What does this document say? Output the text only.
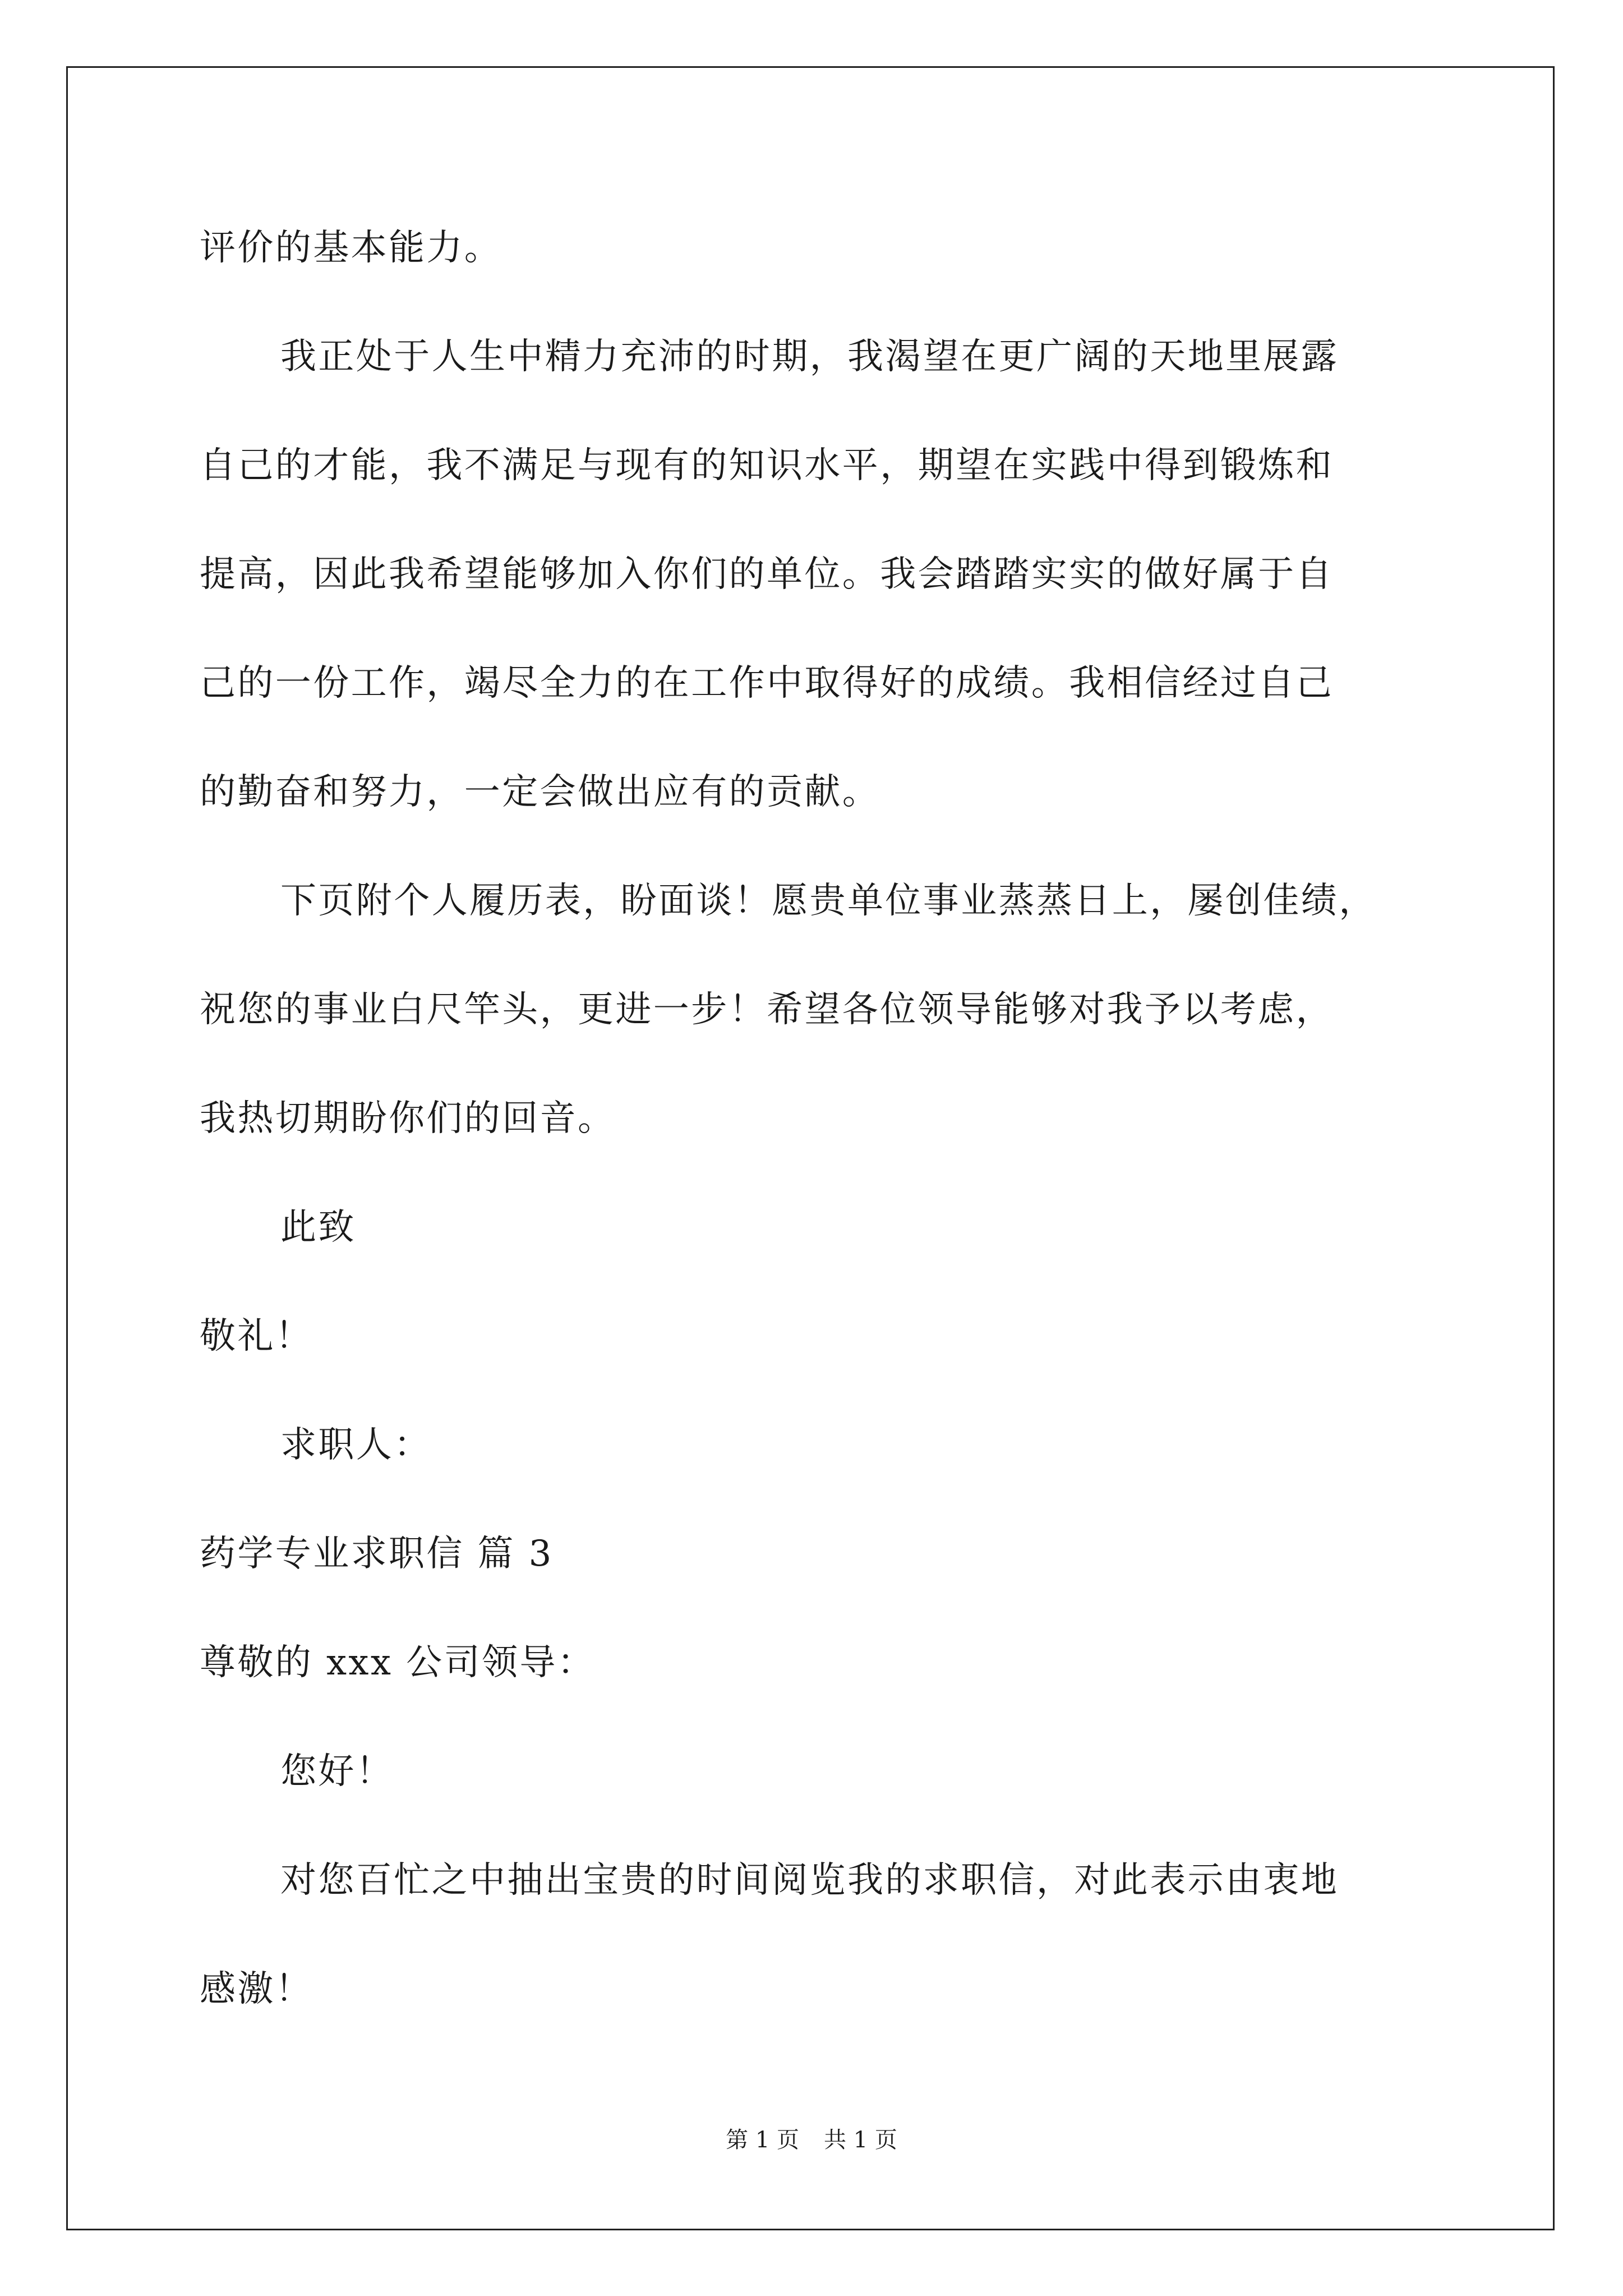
评价的基本能力。
我正处于人生中精力充沛的时期，我渴望在更广阔的天地里展露
自己的才能，我不满足与现有的知识水平，期望在实践中得到锻炼和
提高，因此我希望能够加入你们的单位。我会踏踏实实的做好属于自
己的一份工作，竭尽全力的在工作中取得好的成绩。我相信经过自己
的勤奋和努力，一定会做出应有的贡献。
下页附个人履历表，盼面谈！愿贵单位事业蒸蒸日上，屡创佳绩，
祝您的事业白尺竿头，更进一步！希望各位领导能够对我予以考虑，
我热切期盼你们的回音。
此致
敬礼！
求职人：
药学专业求职信 篇 3
尊敬的 xxx 公司领导：
您好！
对您百忙之中抽出宝贵的时间阅览我的求职信，对此表示由衷地
感激！
第 1 页 共 1 页
